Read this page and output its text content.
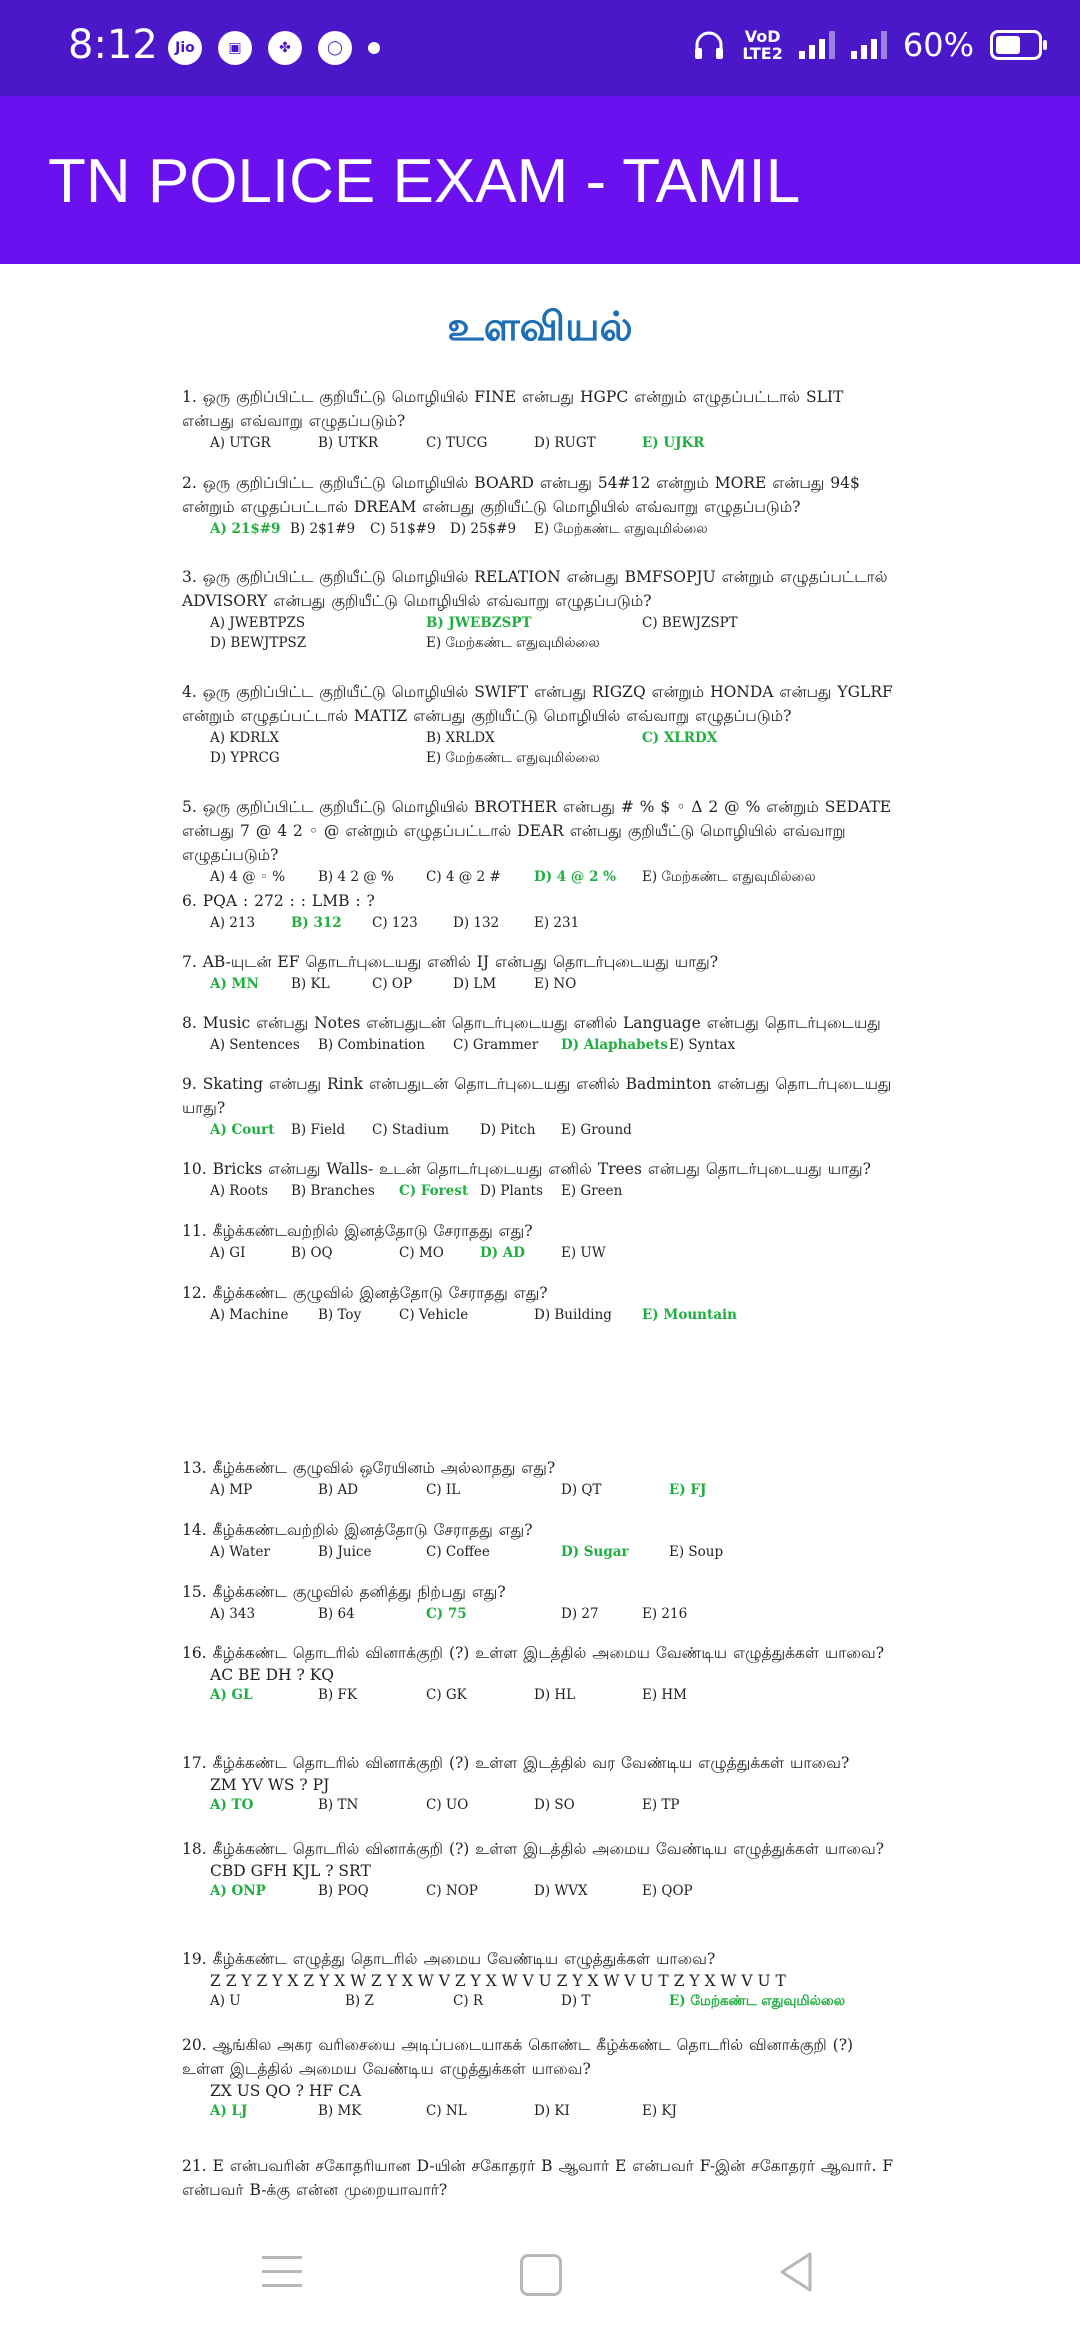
8:12	Jio	▣	✤	◯
VoD
LTE2	60%
TN POLICE EXAM - TAMIL
உளவியல்

1. ஒரு குறிப்பிட்ட குறியீட்டு மொழியில் FINE என்பது HGPC என்றும் எழுதப்பட்டால் SLIT என்பது எவ்வாறு எழுதப்படும்?

A) UTGR	B) UTKR	C) TUCG	D) RUGT	E) UJKR

2. ஒரு குறிப்பிட்ட குறியீட்டு மொழியில் BOARD என்பது 54#12 என்றும் MORE என்பது 94$ என்றும் எழுதப்பட்டால் DREAM என்பது குறியீட்டு மொழியில் எவ்வாறு எழுதப்படும்?

A) 21$#9 B) 2$1#9 C) 51$#9 D) 25$#9 E) மேற்கண்ட எதுவுமில்லை

3. ஒரு குறிப்பிட்ட குறியீட்டு மொழியில் RELATION என்பது BMFSOPJU என்றும் எழுதப்பட்டால் ADVISORY என்பது குறியீட்டு மொழியில் எவ்வாறு எழுதப்படும்?

A) JWEBTPZS	B) JWEBZSPT	C) BEWJZSPT
D) BEWJTPSZ	E) மேற்கண்ட எதுவுமில்லை

4. ஒரு குறிப்பிட்ட குறியீட்டு மொழியில் SWIFT என்பது RIGZQ என்றும் HONDA என்பது YGLRF என்றும் எழுதப்பட்டால் MATIZ என்பது குறியீட்டு மொழியில் எவ்வாறு எழுதப்படும்?

A) KDRLX	B) XRLDX	C) XLRDX
D) YPRCG	E) மேற்கண்ட எதுவுமில்லை

5. ஒரு குறிப்பிட்ட குறியீட்டு மொழியில் BROTHER என்பது # % $ ◦ Δ 2 @ % என்றும் SEDATE என்பது 7 @ 4 2 ◦ @ என்றும் எழுதப்பட்டால் DEAR என்பது குறியீட்டு மொழியில் எவ்வாறு எழுதப்படும்?

A) 4 @ ◦ % B) 4 2 @ % C) 4 @ 2 # D) 4 @ 2 % E) மேற்கண்ட எதுவுமில்லை

6. PQA : 272 : : LMB : ?

A) 213	B) 312 C) 123	D) 132	E) 231

7. AB-யுடன் EF தொடர்புடையது எனில் IJ என்பது தொடர்புடையது யாது?

A) MN B) KL	C) OP	D) LM	E) NO

8. Music என்பது Notes என்பதுடன் தொடர்புடையது எனில் Language என்பது தொடர்புடையது

A) Sentences B) Combination C) Grammer D) Alaphabets E) Syntax

9. Skating என்பது Rink என்பதுடன் தொடர்புடையது எனில் Badminton என்பது தொடர்புடையது யாது?

A) Court B) Field C) Stadium D) Pitch E) Ground

10. Bricks என்பது Walls- உடன் தொடர்புடையது எனில் Trees என்பது தொடர்புடையது யாது?

A) Roots B) Branches C) Forest D) Plants E) Green

11. கீழ்க்கண்டவற்றில் இனத்தோடு சேராதது எது?

A) GI	B) OQ	C) MO	D) AD	E) UW

12. கீழ்க்கண்ட குழுவில் இனத்தோடு சேராதது எது?

A) Machine B) Toy	C) Vehicle	D) Building E) Mountain

13. கீழ்க்கண்ட குழுவில் ஒரேயினம் அல்லாதது எது?

A) MP	B) AD	C) IL	D) QT	E) FJ

14. கீழ்க்கண்டவற்றில் இனத்தோடு சேராதது எது?

A) Water	B) Juice	C) Coffee	D) Sugar	E) Soup

15. கீழ்க்கண்ட குழுவில் தனித்து நிற்பது எது?

A) 343	B) 64	C) 75	D) 27	E) 216

16. கீழ்க்கண்ட தொடரில் வினாக்குறி (?) உள்ள இடத்தில் அமைய வேண்டிய எழுத்துக்கள் யாவை?

AC BE DH ? KQ

A) GL	B) FK	C) GK	D) HL	E) HM

17. கீழ்க்கண்ட தொடரில் வினாக்குறி (?) உள்ள இடத்தில் வர வேண்டிய எழுத்துக்கள் யாவை?

ZM YV WS ? PJ

A) TO	B) TN	C) UO	D) SO	E) TP

18. கீழ்க்கண்ட தொடரில் வினாக்குறி (?) உள்ள இடத்தில் அமைய வேண்டிய எழுத்துக்கள் யாவை?

CBD GFH KJL ? SRT

A) ONP	B) POQ	C) NOP	D) WVX	E) QOP

19. கீழ்க்கண்ட எழுத்து தொடரில் அமைய வேண்டிய எழுத்துக்கள் யாவை?

Z Z Y Z Y X Z Y X W Z Y X W V Z Y X W V U Z Y X W V U T Z Y X W V U T

A) U	B) Z	C) R	D) T	E) மேற்கண்ட எதுவுமில்லை

20. ஆங்கில அகர வரிசையை அடிப்படையாகக் கொண்ட கீழ்க்கண்ட தொடரில் வினாக்குறி (?) உள்ள இடத்தில் அமைய வேண்டிய எழுத்துக்கள் யாவை?

ZX US QO ? HF CA

A) LJ	B) MK	C) NL	D) KI	E) KJ

21. E என்பவரின் சகோதரியான D-யின் சகோதரர் B ஆவார் E என்பவர் F-இன் சகோதரர் ஆவார். F என்பவர் B-க்கு என்ன முறையாவார்?
